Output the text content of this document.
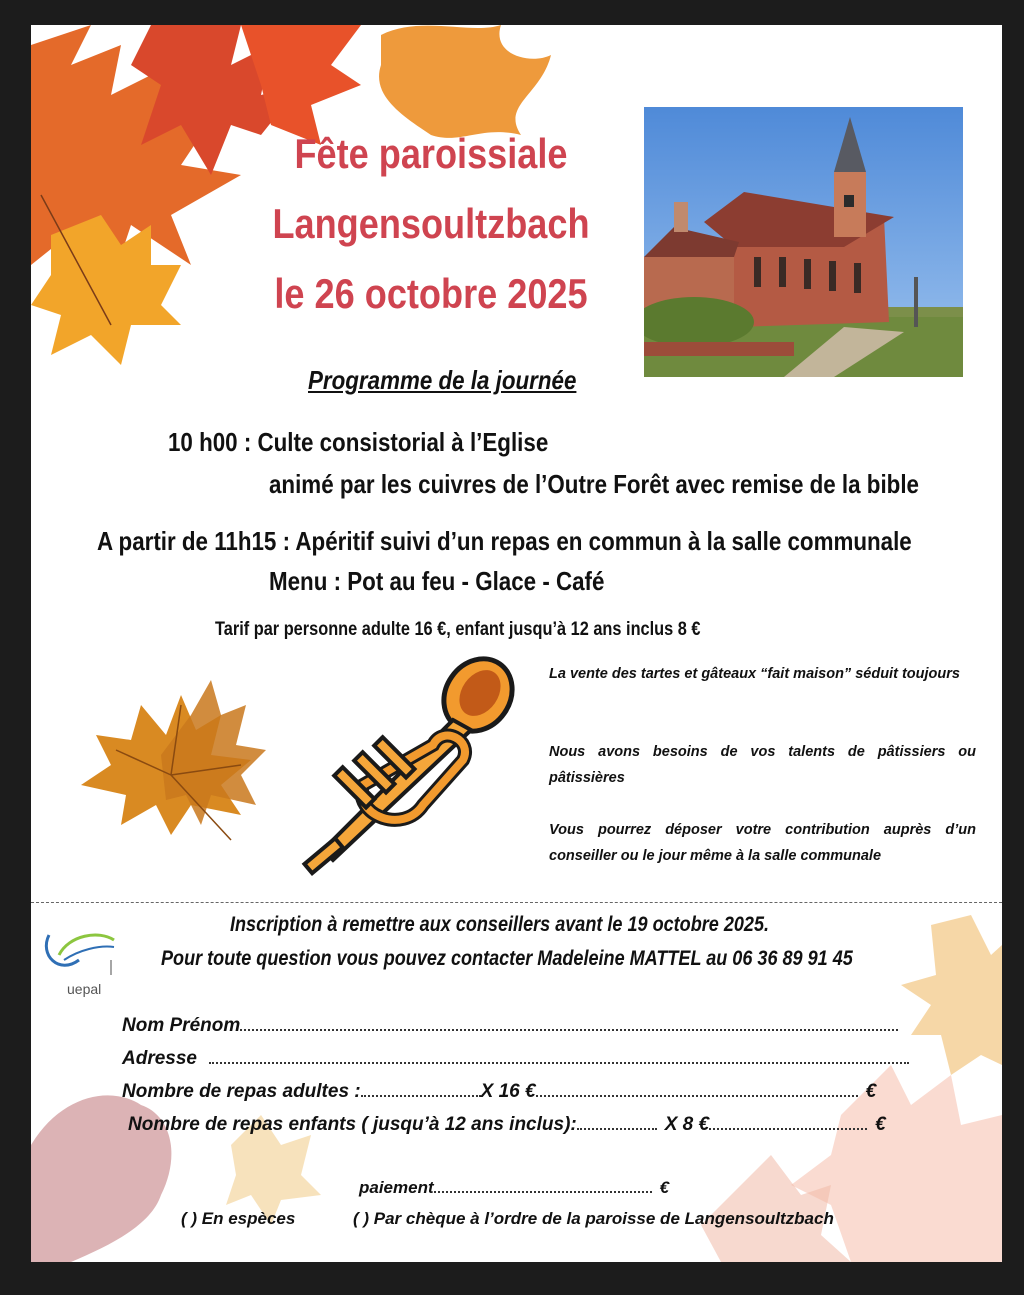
Fête paroissiale
Langensoultzbach
le 26 octobre 2025
Programme de la journée
10 h00 : Culte consistorial à l’Eglise
animé par les cuivres de l’Outre Forêt avec remise de la bible
A partir de 11h15 : Apéritif suivi d’un repas en commun à la salle communale
Menu : Pot au feu - Glace - Café
Tarif par personne adulte 16 €, enfant jusqu’à 12 ans inclus 8 €
La vente des tartes et gâteaux “fait maison” séduit toujours
Nous avons besoins de vos talents de pâtissiers ou pâtissières
Vous pourrez déposer votre contribution auprès d’un conseiller ou le jour même à la salle communale
uepal
Inscription à remettre aux conseillers avant le 19 octobre 2025.
Pour toute question vous pouvez contacter Madeleine MATTEL au 06 36 89 91 45
Nom Prénom
Adresse
Nombre de repas adultes :	X 16 €	€
Nombre de repas enfants ( jusqu’à 12 ans inclus):	X 8 €	€
paiement	€
( ) En espèces	( ) Par chèque à l’ordre de la paroisse de Langensoultzbach
